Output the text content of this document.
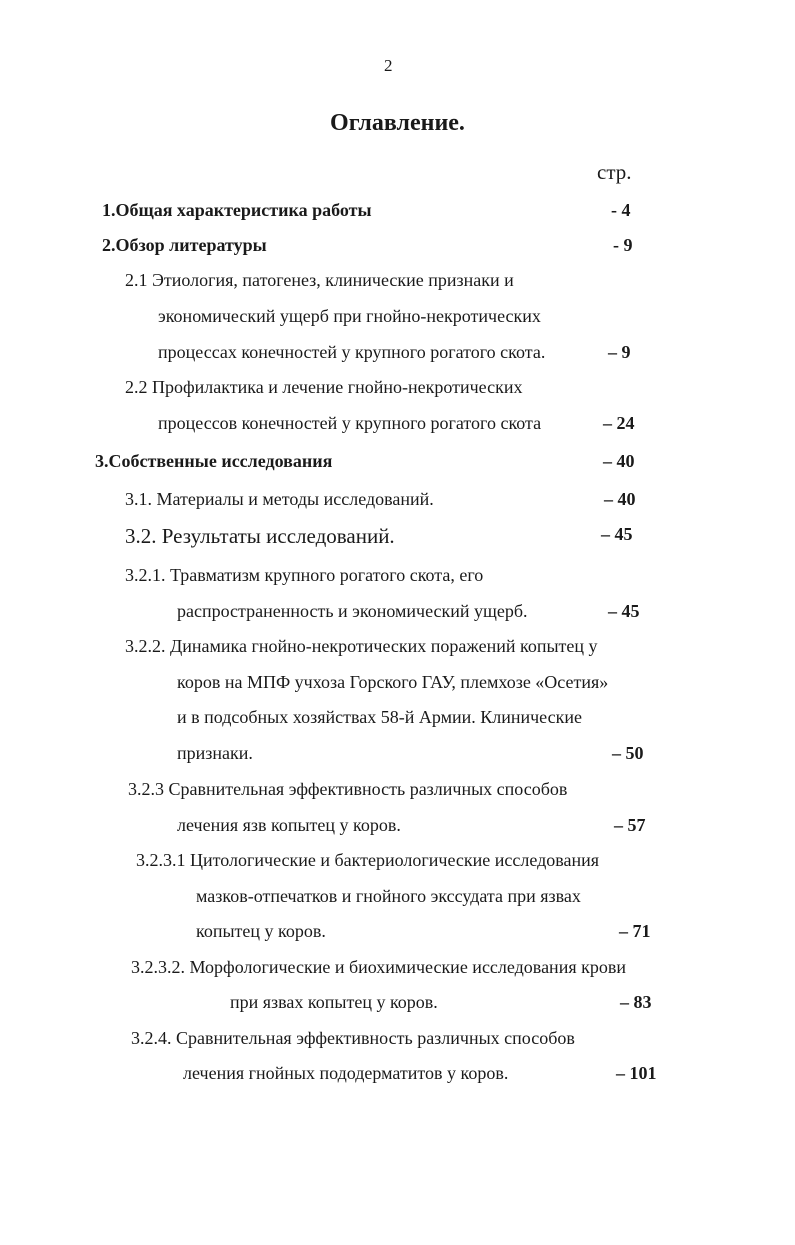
2
Оглавление.
стр.
1.Общая характеристика работы	- 4
2.Обзор литературы	- 9
2.1 Этиология, патогенез, клинические признаки и
экономический ущерб при гнойно-некротических
процессах конечностей у крупного рогатого скота.	– 9
2.2 Профилактика и лечение гнойно-некротических
процессов конечностей у крупного рогатого скота	– 24
3.Собственные исследования	– 40
3.1. Материалы и методы исследований.	– 40
3.2. Результаты исследований.	– 45
3.2.1. Травматизм крупного рогатого скота, его
распространенность и экономический ущерб.	– 45
3.2.2. Динамика гнойно-некротических поражений копытец у
коров на МПФ учхоза Горского ГАУ, племхозе «Осетия»
и в подсобных хозяйствах 58-й Армии. Клинические
признаки.	– 50
3.2.3 Сравнительная эффективность различных способов
лечения язв копытец у коров.	– 57
3.2.3.1 Цитологические и бактериологические исследования
мазков-отпечатков и гнойного экссудата при язвах
копытец у коров.	– 71
3.2.3.2. Морфологические и биохимические исследования крови
при язвах копытец у коров.	– 83
3.2.4. Сравнительная эффективность различных способов
лечения гнойных пододерматитов у коров.	– 101
